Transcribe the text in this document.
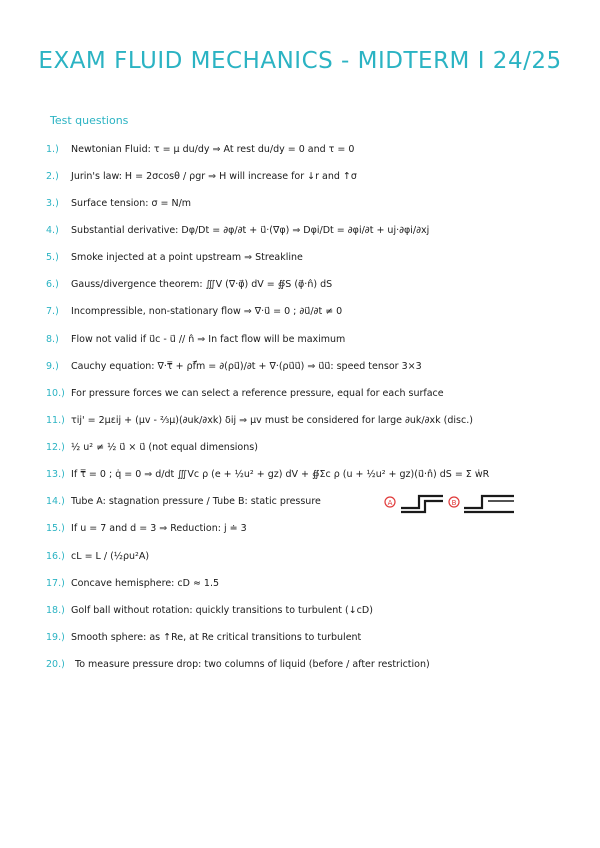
EXAM FLUID MECHANICS - MIDTERM I 24/25
Test questions
1.) Newtonian Fluid: τ = μ du/dy ⇒ At rest du/dy = 0 and τ = 0
2.) Jurin's law: H = 2σcosθ / ρgr ⇒ H will increase for ↓r and ↑σ
3.) Surface tension: σ = N/m
4.) Substantial derivative: Dφ/Dt = ∂φ/∂t + u⃗·(∇φ) ⇒ Dφi/Dt = ∂φi/∂t + uj·∂φi/∂xj
5.) Smoke injected at a point upstream ⇒ Streakline
6.) Gauss/divergence theorem: ∭V (∇·φ⃗) dV = ∯S (φ⃗·n̂) dS
7.) Incompressible, non-stationary flow ⇒ ∇·u⃗ = 0 ; ∂u⃗/∂t ≠ 0
8.) Flow not valid if u⃗c - u⃗ // n̂ ⇒ In fact flow will be maximum
9.) Cauchy equation: ∇·τ̿ + ρf⃗m = ∂(ρu⃗)/∂t + ∇·(ρu⃗u⃗) ⇒ u⃗u⃗: speed tensor 3×3
10.) For pressure forces we can select a reference pressure, equal for each surface
11.) τij' = 2μεij + (μv - ⅔μ)(∂uk/∂xk) δij ⇒ μv must be considered for large ∂uk/∂xk (disc.)
12.) ½ u² ≠ ½ u⃗ × u⃗ (not equal dimensions)
13.) If τ̿ = 0 ; q̇ = 0 ⇒ d/dt ∭Vc ρ (e + ½u² + gz) dV + ∯Σc ρ (u + ½u² + gz)(u⃗·n̂) dS = Σ ẇR
14.) Tube A: stagnation pressure / Tube B: static pressure
15.) If u = 7 and d = 3 ⇒ Reduction: j ≐ 3
16.) cL = L / (½ρu²A)
17.) Concave hemisphere: cD ≈ 1.5
18.) Golf ball without rotation: quickly transitions to turbulent (↓cD)
19.) Smooth sphere: as ↑Re, at Re critical transitions to turbulent
20.) To measure pressure drop: two columns of liquid (before / after restriction)
A	B
